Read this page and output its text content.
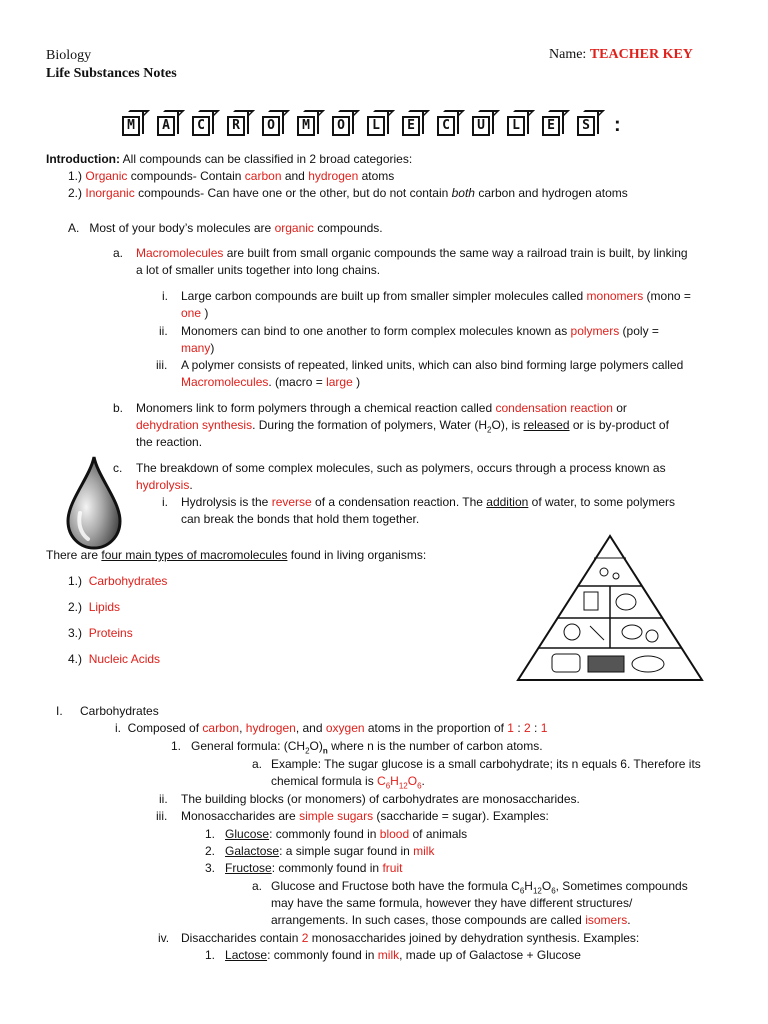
Biology
Life Substances Notes
Name: TEACHER KEY
M	A	C	R	O	M	O	L	E	C	U	L	E	S :
Introduction: All compounds can be classified in 2 broad categories:
1.) Organic compounds- Contain carbon and hydrogen atoms
2.) Inorganic compounds- Can have one or the other, but do not contain both carbon and hydrogen atoms
A. Most of your body’s molecules are organic compounds.
a. Macromolecules are built from small organic compounds the same way a railroad train is built, by linking
a lot of smaller units together into long chains.
i. Large carbon compounds are built up from smaller simpler molecules called monomers (mono =
one )
ii. Monomers can bind to one another to form complex molecules known as polymers (poly =
many)
iii. A polymer consists of repeated, linked units, which can also bind forming large polymers called
Macromolecules. (macro = large )
b. Monomers link to form polymers through a chemical reaction called condensation reaction or
dehydration synthesis. During the formation of polymers, Water $(H_2O)$, is released or is by-product of
the reaction.
c. The breakdown of some complex molecules, such as polymers, occurs through a process known as
hydrolysis.
i. Hydrolysis is the reverse of a condensation reaction. The addition of water, to some polymers
can break the bonds that hold them together.
There are four main types of macromolecules found in living organisms:
1.) Carbohydrates
2.) Lipids
3.) Proteins
4.) Nucleic Acids
I. Carbohydrates
i. Composed of carbon, hydrogen, and oxygen atoms in the proportion of 1 : 2 : 1
1. General formula: $(CH_2O)_n$ where n is the number of carbon atoms.
a. Example: The sugar glucose is a small carbohydrate; its n equals 6. Therefore its
chemical formula is $C_6H_{12}O_6$.
ii. The building blocks (or monomers) of carbohydrates are monosaccharides.
iii. Monosaccharides are simple sugars (saccharide = sugar). Examples:
1. Glucose: commonly found in blood of animals
2. Galactose: a simple sugar found in milk
3. Fructose: commonly found in fruit
a. Glucose and Fructose both have the formula $C_6H_{12}O_6$, Sometimes compounds
may have the same formula, however they have different structures/
arrangements. In such cases, those compounds are called isomers.
iv. Disaccharides contain 2 monosaccharides joined by dehydration synthesis. Examples:
1. Lactose: commonly found in milk, made up of Galactose + Glucose
